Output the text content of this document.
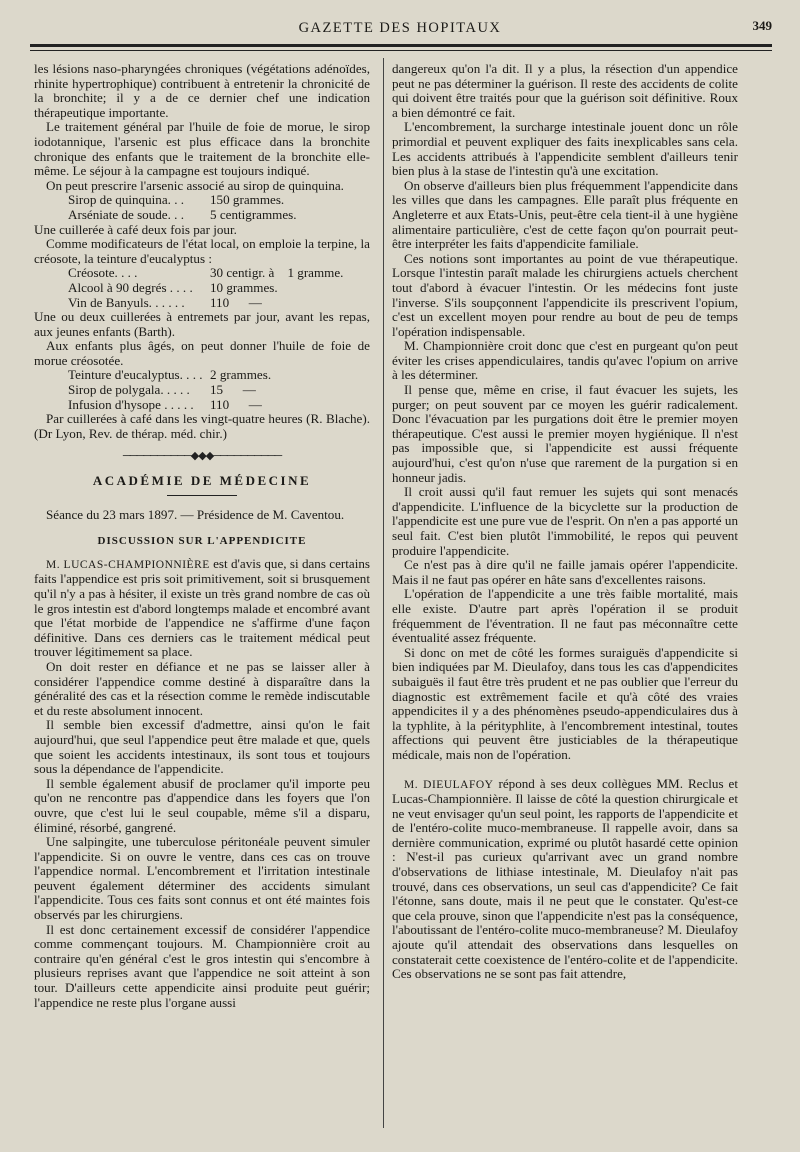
GAZETTE DES HOPITAUX	349

les lésions naso-pharyngées chroniques (végétations adénoïdes, rhinite hypertrophique) contribuent à entretenir la chronicité de la bronchite; il y a de ce dernier chef une indication thérapeutique importante.

Le traitement général par l'huile de foie de morue, le sirop iodotannique, l'arsenic est plus efficace dans la bronchite chronique des enfants que le traitement de la bronchite elle-même. Le séjour à la campagne est toujours indiqué.

On peut prescrire l'arsenic associé au sirop de quinquina.

Sirop de quinquina. . .	150 grammes.
Arséniate de soude. . .	5 centigrammes.

Une cuillerée à café deux fois par jour.

Comme modificateurs de l'état local, on emploie la terpine, la créosote, la teinture d'eucalyptus :

Créosote. . . .	30 centigr. à    1 gramme.
Alcool à 90 degrés . . . .	10 grammes.
Vin de Banyuls. . . . . .	110      —

Une ou deux cuillerées à entremets par jour, avant les repas, aux jeunes enfants (Barth).

Aux enfants plus âgés, on peut donner l'huile de foie de morue créosotée.

Teinture d'eucalyptus. . . . 2 grammes.
Sirop de polygala. . . . .	15      —
Infusion d'hysope . . . . .	110      —

Par cuillerées à café dans les vingt-quatre heures (R. Blache). (Dr Lyon, Rev. de thérap. méd. chir.)

──────────◆◆◆──────────
ACADÉMIE DE MÉDECINE

Séance du 23 mars 1897. — Présidence de M. Caventou.

DISCUSSION SUR L'APPENDICITE

M. LUCAS-CHAMPIONNIÈRE est d'avis que, si dans certains faits l'appendice est pris soit primitivement, soit si brusquement qu'il n'y a pas à hésiter, il existe un très grand nombre de cas où le gros intestin est d'abord longtemps malade et encombré avant que l'état morbide de l'appendice ne s'affirme d'une façon définitive. Dans ces derniers cas le traitement médical peut trouver légitimement sa place.

On doit rester en défiance et ne pas se laisser aller à considérer l'appendice comme destiné à disparaître dans la généralité des cas et la résection comme le remède indiscutable et du reste absolument innocent.

Il semble bien excessif d'admettre, ainsi qu'on le fait aujourd'hui, que seul l'appendice peut être malade et que, quels que soient les accidents intestinaux, ils sont tous et toujours sous la dépendance de l'appendicite.

Il semble également abusif de proclamer qu'il importe peu qu'on ne rencontre pas d'appendice dans les foyers que l'on ouvre, que c'est lui le seul coupable, même s'il a disparu, éliminé, résorbé, gangrené.

Une salpingite, une tuberculose péritonéale peuvent simuler l'appendicite. Si on ouvre le ventre, dans ces cas on trouve l'appendice normal. L'encombrement et l'irritation intestinale peuvent également déterminer des accidents simulant l'appendicite. Tous ces faits sont connus et ont été maintes fois observés par les chirurgiens.

Il est donc certainement excessif de considérer l'appendice comme commençant toujours. M. Championnière croit au contraire qu'en général c'est le gros intestin qui s'encombre à plusieurs reprises avant que l'appendice ne soit atteint à son tour. D'ailleurs cette appendicite ainsi produite peut guérir; l'appendice ne reste plus l'organe aussi

dangereux qu'on l'a dit. Il y a plus, la résection d'un appendice peut ne pas déterminer la guérison. Il reste des accidents de colite qui doivent être traités pour que la guérison soit définitive. Roux a bien démontré ce fait.

L'encombrement, la surcharge intestinale jouent donc un rôle primordial et peuvent expliquer des faits inexplicables sans cela. Les accidents attribués à l'appendicite semblent d'ailleurs tenir bien plus à la stase de l'intestin qu'à une excitation.

On observe d'ailleurs bien plus fréquemment l'appendicite dans les villes que dans les campagnes. Elle paraît plus fréquente en Angleterre et aux Etats-Unis, peut-être cela tient-il à une hygiène alimentaire particulière, c'est de cette façon qu'on pourrait peut-être interpréter les faits d'appendicite familiale.

Ces notions sont importantes au point de vue thérapeutique. Lorsque l'intestin paraît malade les chirurgiens actuels cherchent tout d'abord à évacuer l'intestin. Or les médecins font juste l'inverse. S'ils soupçonnent l'appendicite ils prescrivent l'opium, c'est un excellent moyen pour rendre au bout de peu de temps l'opération indispensable.

M. Championnière croit donc que c'est en purgeant qu'on peut éviter les crises appendiculaires, tandis qu'avec l'opium on arrive à les déterminer.

Il pense que, même en crise, il faut évacuer les sujets, les purger; on peut souvent par ce moyen les guérir radicalement. Donc l'évacuation par les purgations doit être le premier moyen thérapeutique. C'est aussi le premier moyen hygiénique. Il n'est pas impossible que, si l'appendicite est aussi fréquente aujourd'hui, c'est qu'on n'use que rarement de la purgation si en honneur jadis.

Il croit aussi qu'il faut remuer les sujets qui sont menacés d'appendicite. L'influence de la bicyclette sur la production de l'appendicite est une pure vue de l'esprit. On n'en a pas apporté un seul fait. C'est bien plutôt l'immobilité, le repos qui peuvent produire l'appendicite.

Ce n'est pas à dire qu'il ne faille jamais opérer l'appendicite. Mais il ne faut pas opérer en hâte sans d'excellentes raisons.

L'opération de l'appendicite a une très faible mortalité, mais elle existe. D'autre part après l'opération il se produit fréquemment de l'éventration. Il ne faut pas méconnaître cette éventualité assez fréquente.

Si donc on met de côté les formes suraiguës d'appendicite si bien indiquées par M. Dieulafoy, dans tous les cas d'appendicites subaiguës il faut être très prudent et ne pas oublier que l'erreur du diagnostic est extrêmement facile et qu'à côté des vraies appendicites il y a des phénomènes pseudo-appendiculaires dus à la typhlite, à la pérityphlite, à l'encombrement intestinal, toutes affections qui peuvent être justiciables de la thérapeutique médicale, mais non de l'opération.

M. DIEULAFOY répond à ses deux collègues MM. Reclus et Lucas-Championnière. Il laisse de côté la question chirurgicale et ne veut envisager qu'un seul point, les rapports de l'appendicite et de l'entéro-colite muco-membraneuse. Il rappelle avoir, dans sa dernière communication, exprimé ou plutôt hasardé cette opinion : N'est-il pas curieux qu'arrivant avec un grand nombre d'observations de lithiase intestinale, M. Dieulafoy n'ait pas trouvé, dans ces observations, un seul cas d'appendicite? Ce fait l'étonne, sans doute, mais il ne peut que le constater. Qu'est-ce que cela prouve, sinon que l'appendicite n'est pas la conséquence, l'aboutissant de l'entéro-colite muco-membraneuse? M. Dieulafoy ajoute qu'il attendait des observations dans lesquelles on constaterait cette coexistence de l'entéro-colite et de l'appendicite. Ces observations ne se sont pas fait attendre,
